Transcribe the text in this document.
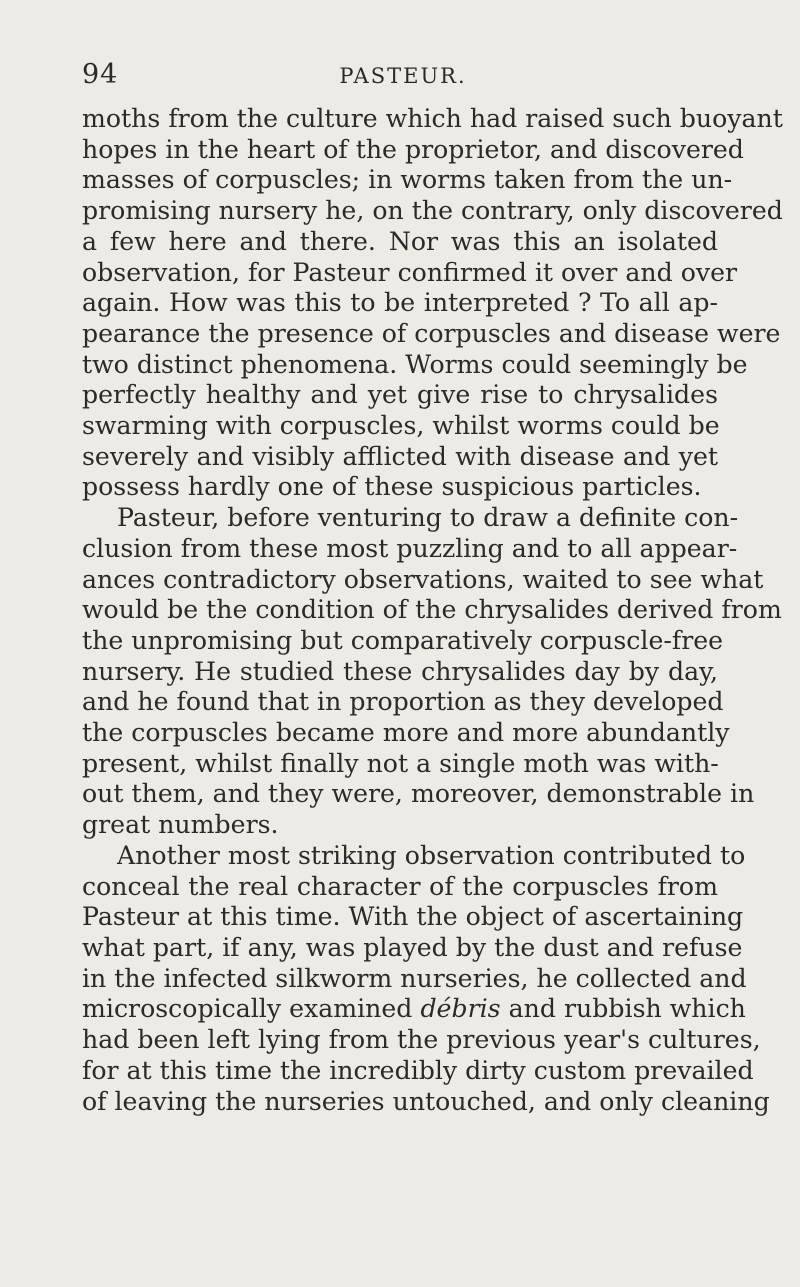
94	PASTEUR.
moths from the culture which had raised such buoyant
hopes in the heart of the proprietor, and discovered
masses of corpuscles; in worms taken from the un-
promising nursery he, on the contrary, only discovered
a few here and there. Nor was this an isolated
observation, for Pasteur confirmed it over and over
again. How was this to be interpreted ? To all ap-
pearance the presence of corpuscles and disease were
two distinct phenomena. Worms could seemingly be
perfectly healthy and yet give rise to chrysalides
swarming with corpuscles, whilst worms could be
severely and visibly afflicted with disease and yet
possess hardly one of these suspicious particles.
Pasteur, before venturing to draw a definite con-
clusion from these most puzzling and to all appear-
ances contradictory observations, waited to see what
would be the condition of the chrysalides derived from
the unpromising but comparatively corpuscle-free
nursery. He studied these chrysalides day by day,
and he found that in proportion as they developed
the corpuscles became more and more abundantly
present, whilst finally not a single moth was with-
out them, and they were, moreover, demonstrable in
great numbers.
Another most striking observation contributed to
conceal the real character of the corpuscles from
Pasteur at this time. With the object of ascertaining
what part, if any, was played by the dust and refuse
in the infected silkworm nurseries, he collected and
microscopically examined débris and rubbish which
had been left lying from the previous year's cultures,
for at this time the incredibly dirty custom prevailed
of leaving the nurseries untouched, and only cleaning
